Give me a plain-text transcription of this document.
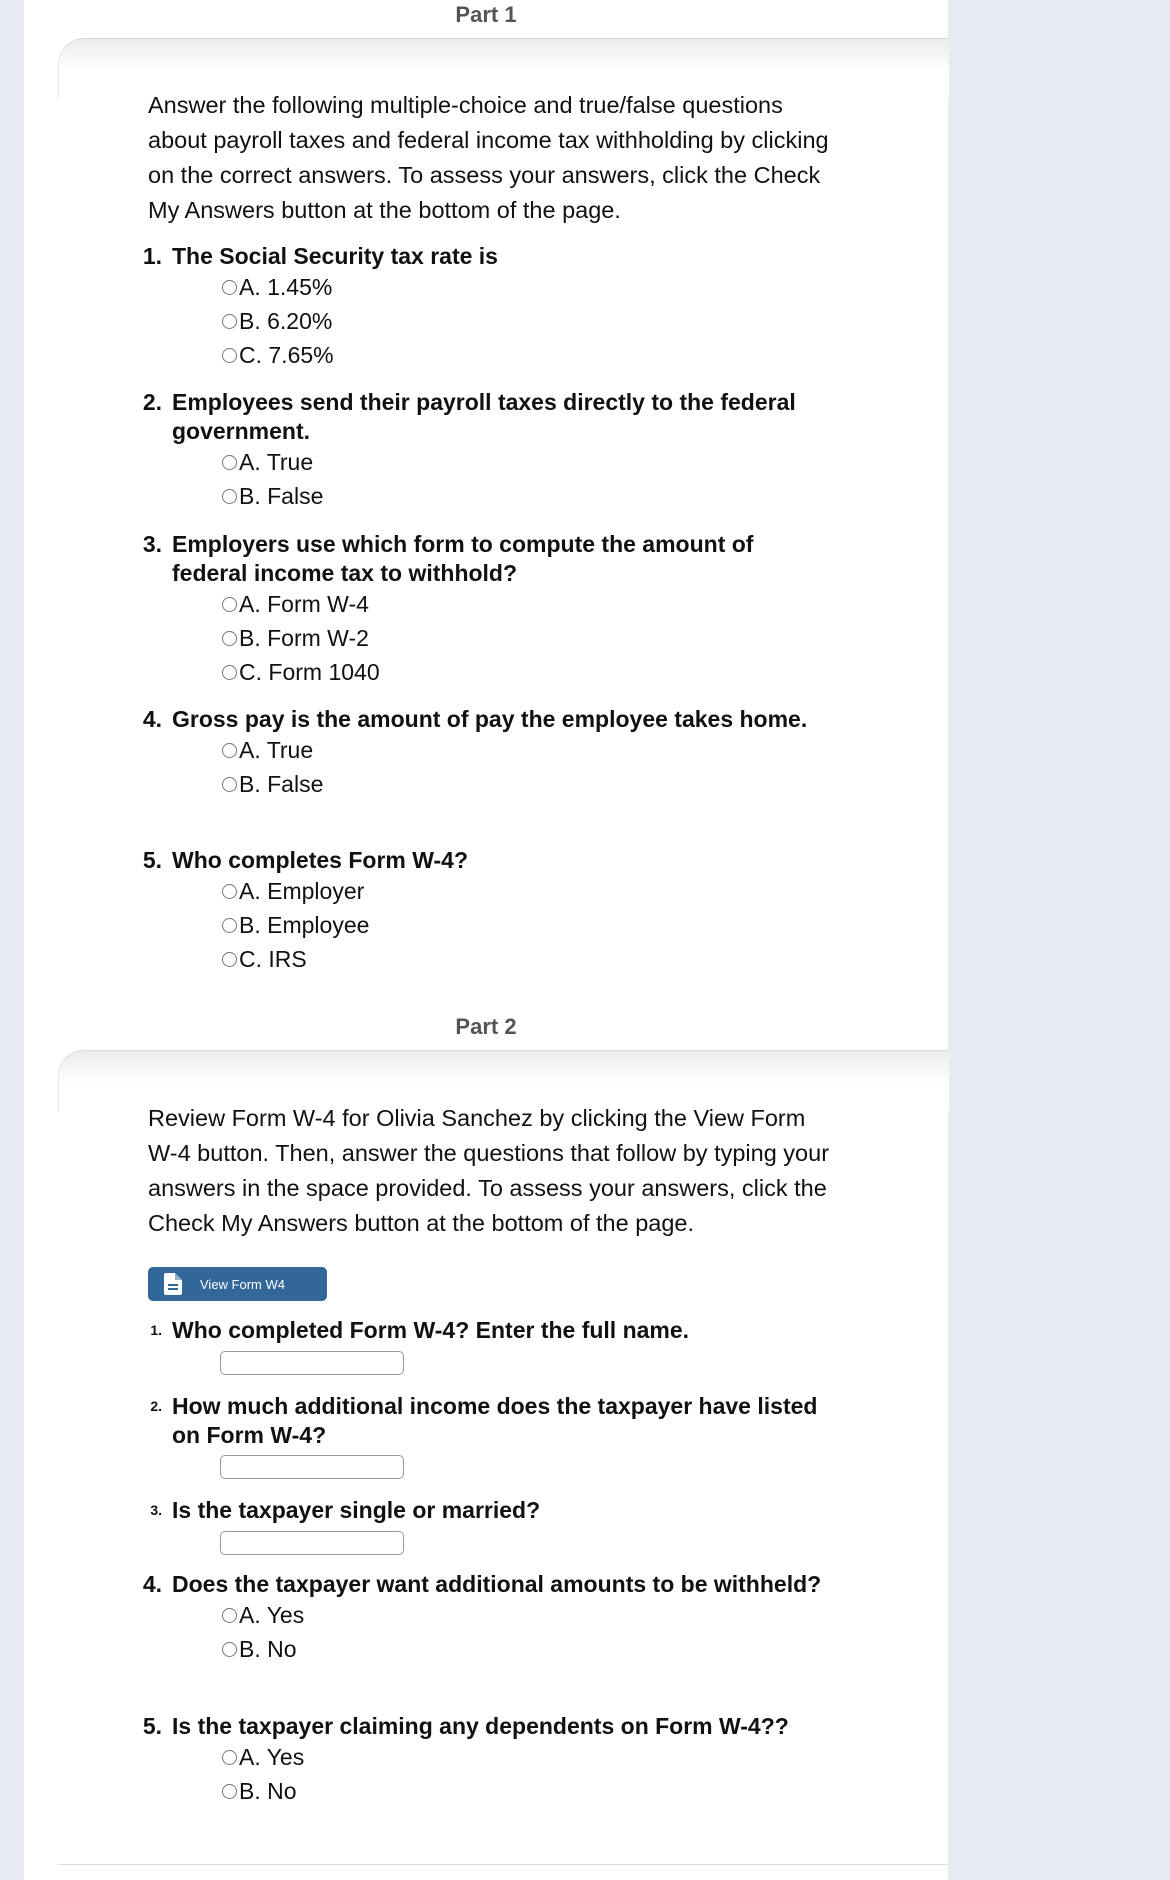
Part 1
Answer the following multiple-choice and true/false questions about payroll taxes and federal income tax withholding by clicking on the correct answers. To assess your answers, click the Check My Answers button at the bottom of the page.
Part 2
Review Form W-4 for Olivia Sanchez by clicking the View Form W-4 button. Then, answer the questions that follow by typing your answers in the space provided. To assess your answers, click the Check My Answers button at the bottom of the page.
View Form W4
1. The Social Security tax rate is
A. 1.45%
B. 6.20%
C. 7.65%
2. Employees send their payroll taxes directly to the federal government.
A. True
B. False
3. Employers use which form to compute the amount of federal income tax to withhold?
A. Form W-4
B. Form W-2
C. Form 1040
4. Gross pay is the amount of pay the employee takes home.
A. True
B. False
5. Who completes Form W-4?
A. Employer
B. Employee
C. IRS
1. Who completed Form W-4? Enter the full name.
2. How much additional income does the taxpayer have listed on Form W-4?
3. Is the taxpayer single or married?
4. Does the taxpayer want additional amounts to be withheld?
A. Yes
B. No
5. Is the taxpayer claiming any dependents on Form W-4??
A. Yes
B. No
